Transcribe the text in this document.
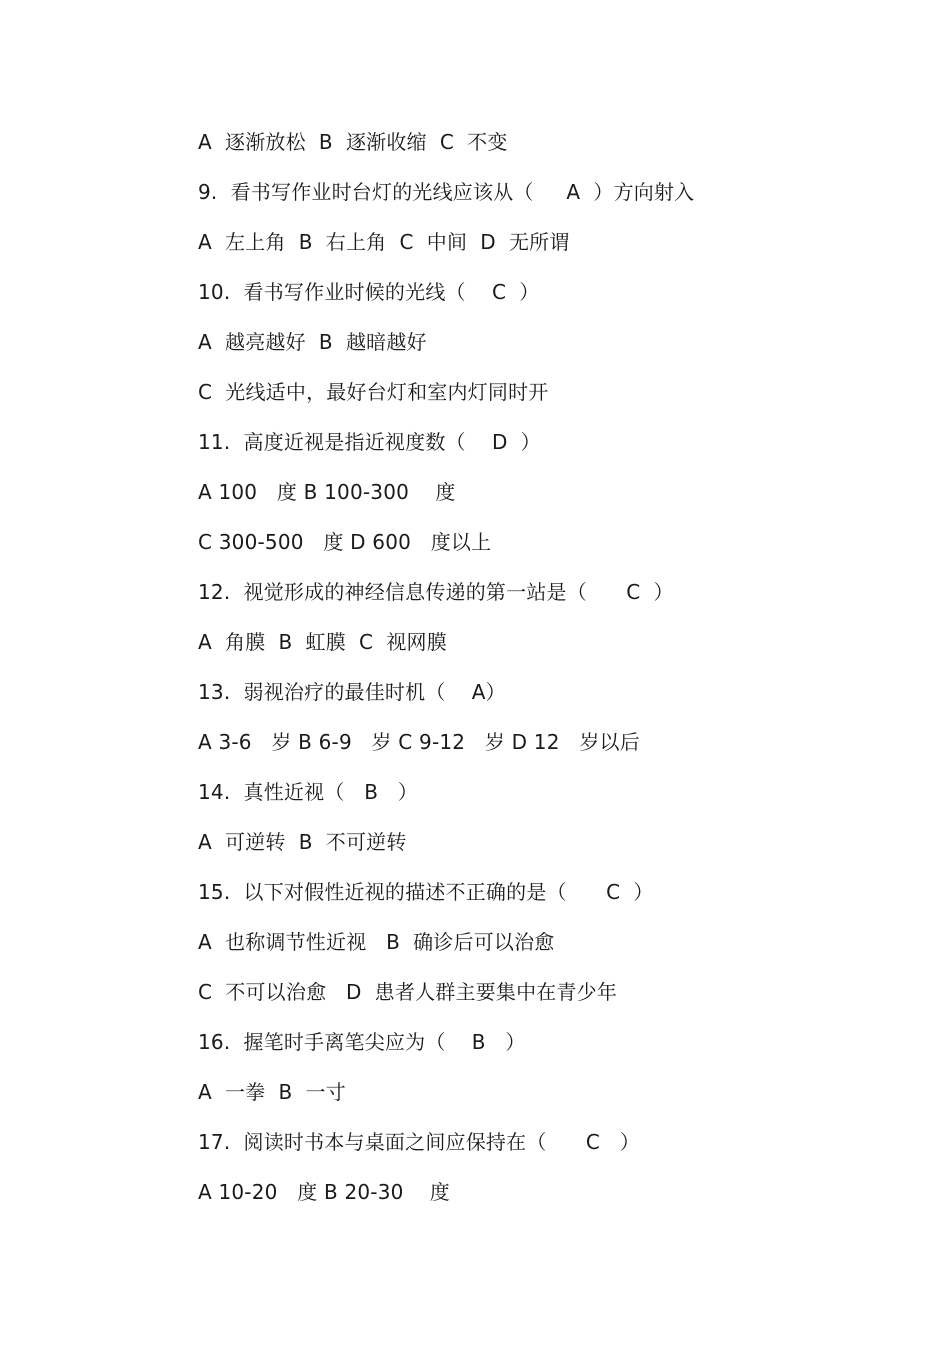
A  逐渐放松  B  逐渐收缩  C  不变
9.  看书写作业时台灯的光线应该从（     A  ）方向射入
A  左上角  B  右上角  C  中间  D  无所谓
10.  看书写作业时候的光线（    C  ）
A  越亮越好  B  越暗越好
C  光线适中，最好台灯和室内灯同时开
11.  高度近视是指近视度数（    D  ）
A 100   度 B 100-300    度
C 300-500   度 D 600   度以上
12.  视觉形成的神经信息传递的第一站是（      C  ）
A  角膜  B  虹膜  C  视网膜
13.  弱视治疗的最佳时机（    A）
A 3-6   岁 B 6-9   岁 C 9-12   岁 D 12   岁以后
14.  真性近视（   B   ）
A  可逆转  B  不可逆转
15.  以下对假性近视的描述不正确的是（      C  ）
A  也称调节性近视   B  确诊后可以治愈
C  不可以治愈   D  患者人群主要集中在青少年
16.  握笔时手离笔尖应为（    B   ）
A  一拳  B  一寸
17.  阅读时书本与桌面之间应保持在（      C   ）
A 10-20   度 B 20-30    度
